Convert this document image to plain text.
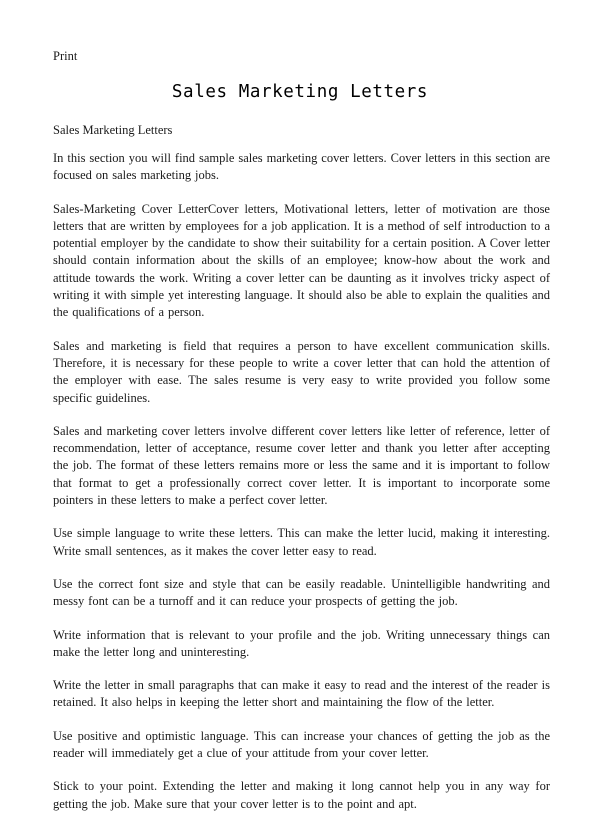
Print
Sales Marketing Letters
Sales Marketing Letters

In this section you will find sample sales marketing cover letters. Cover letters in this section are focused on sales marketing jobs.

Sales-Marketing Cover LetterCover letters, Motivational letters, letter of motivation are those letters that are written by employees for a job application. It is a method of self introduction to a potential employer by the candidate to show their suitability for a certain position. A Cover letter should contain information about the skills of an employee; know-how about the work and attitude towards the work. Writing a cover letter can be daunting as it involves tricky aspect of writing it with simple yet interesting language. It should also be able to explain the qualities and the qualifications of a person.

Sales and marketing is field that requires a person to have excellent communication skills. Therefore, it is necessary for these people to write a cover letter that can hold the attention of the employer with ease. The sales resume is very easy to write provided you follow some specific guidelines.

Sales and marketing cover letters involve different cover letters like letter of reference, letter of recommendation, letter of acceptance, resume cover letter and thank you letter after accepting the job. The format of these letters remains more or less the same and it is important to follow that format to get a professionally correct cover letter. It is important to incorporate some pointers in these letters to make a perfect cover letter.

Use simple language to write these letters. This can make the letter lucid, making it interesting. Write small sentences, as it makes the cover letter easy to read.

Use the correct font size and style that can be easily readable. Unintelligible handwriting and messy font can be a turnoff and it can reduce your prospects of getting the job.

Write information that is relevant to your profile and the job. Writing unnecessary things can make the letter long and uninteresting.

Write the letter in small paragraphs that can make it easy to read and the interest of the reader is retained. It also helps in keeping the letter short and maintaining the flow of the letter.

Use positive and optimistic language. This can increase your chances of getting the job as the reader will immediately get a clue of your attitude from your cover letter.

Stick to your point. Extending the letter and making it long cannot help you in any way for getting the job. Make sure that your cover letter is to the point and apt.
